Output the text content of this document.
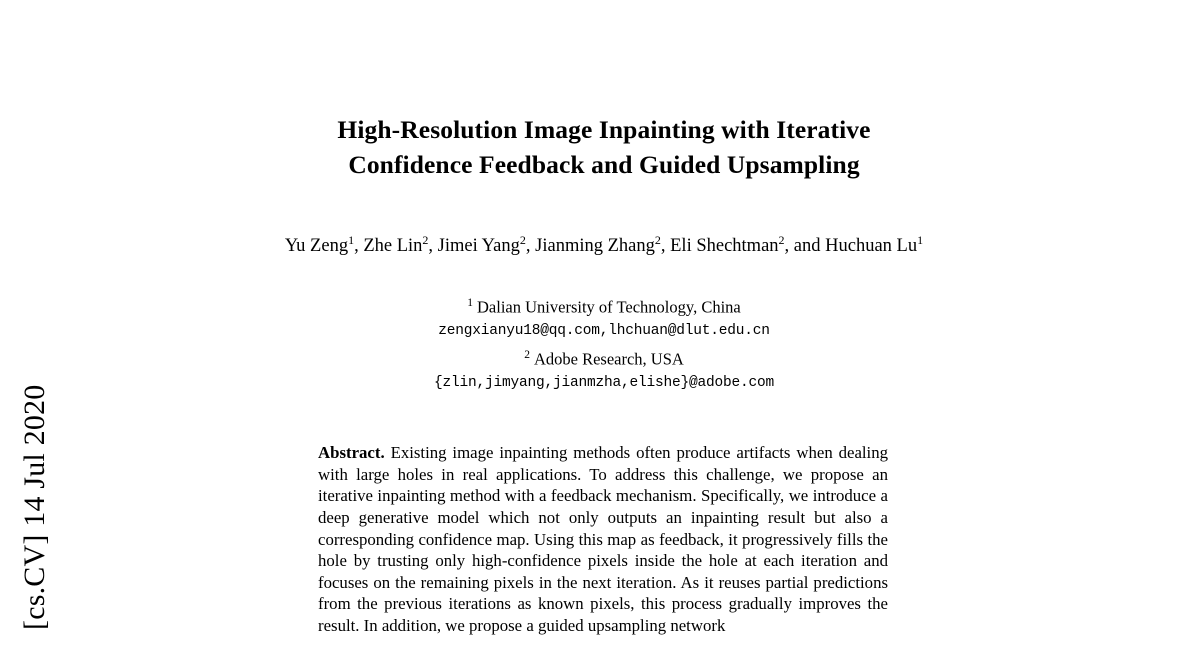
[cs.CV] 14 Jul 2020
High-Resolution Image Inpainting with Iterative
Confidence Feedback and Guided Upsampling
Yu Zeng$^1$, Zhe Lin$^2$, Jimei Yang$^2$, Jianming Zhang$^2$, Eli Shechtman$^2$, and Huchuan Lu$^1$
$^1$ Dalian University of Technology, China
zengxianyu18@qq.com,lhchuan@dlut.edu.cn
$^2$ Adobe Research, USA
{zlin,jimyang,jianmzha,elishe}@adobe.com
Abstract. Existing image inpainting methods often produce artifacts when dealing with large holes in real applications. To address this challenge, we propose an iterative inpainting method with a feedback mechanism. Specifically, we introduce a deep generative model which not only outputs an inpainting result but also a corresponding confidence map. Using this map as feedback, it progressively fills the hole by trusting only high-confidence pixels inside the hole at each iteration and focuses on the remaining pixels in the next iteration. As it reuses partial predictions from the previous iterations as known pixels, this process gradually improves the result. In addition, we propose a guided upsampling network
